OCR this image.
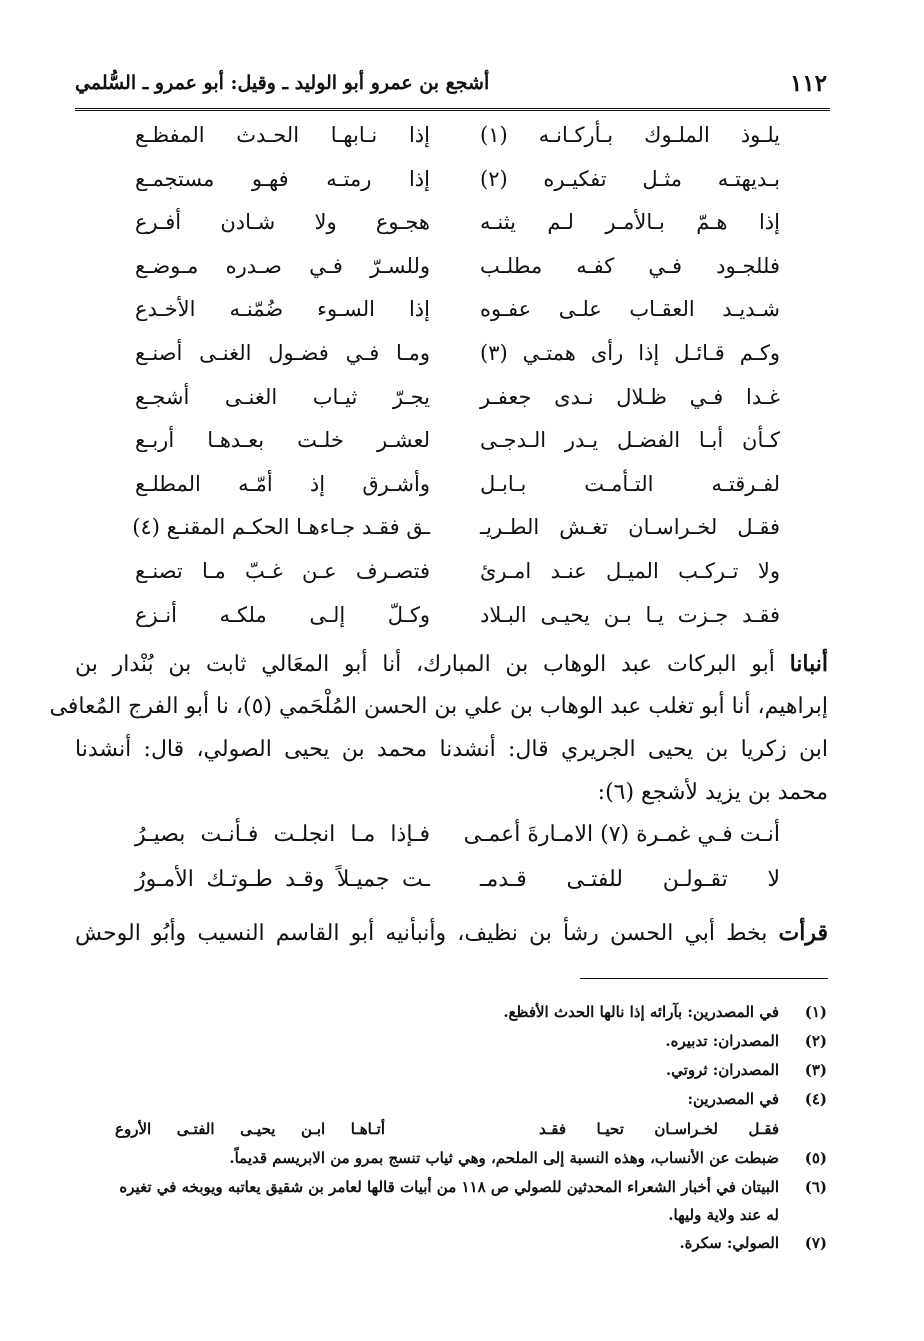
١١٢
أشجع بن عمرو أبو الوليد ـ وقيل: أبو عمرو ـ السُّلمي
يلـوذ الملـوك بـأركـانـه (١)
إذا نـابهـا الحـدث المفظـع
بـديهتـه مثـل تفكيـره (٢)
إذا رمتـه فهـو مستجمـع
إذا هـمّ بـالأمـر لـم يثنـه
هجـوع ولا شـادن أفـرع
فللجـود فـي كفـه مطلـب
وللسـرّ فـي صـدره مـوضـع
شـديـد العقـاب علـى عفـوه
إذا السـوء ضُمّنـه الأخـدع
وكـم قـائـل إذا رأى همتـي (٣)
ومـا فـي فضـول الغنـى أصنـع
غـدا فـي ظـلال نـدى جعفـر
يجـرّ ثيـاب الغنـى أشجـع
كـأن أبـا الفضـل يـدر الـدجـى
لعشـر خلـت بعـدهـا أربـع
لفـرقتـه التـأمـت بـابـل
وأشـرق إذ أمّـه المطلـع
فقـل لخـراسـان تغـش الطـريـ
ـق فقـد جـاءهـا الحكـم المقنـع (٤)
ولا تـركـب الميـل عنـد امـرئ
فتصـرف عـن غـبّ مـا تصنـع
فقـد جـزت يـا بـن يحيـى البـلاد
وكـلّ إلـى ملكـه أنـزع
أنبانا أبو البركات عبد الوهاب بن المبارك، أنا أبو المعَالي ثابت بن بُنْدار بن
إبراهيم، أنا أبو تغلب عبد الوهاب بن علي بن الحسن المُلْحَمي (٥)، نا أبو الفرج المُعافى
ابن زكريا بن يحيى الجريري قال: أنشدنا محمد بن يحيى الصولي، قال: أنشدنا
محمد بن يزيد لأشجع (٦):
أنـت فـي غمـرة (٧) الامـارةَ أعمـى
فـإذا مـا انجلـت فـأنـت بصيـرُ
لا تقـولـن للفتـى قـدمـ
ـت جميـلاً وقـد طـوتـك الأمـورُ
قرأت بخط أبي الحسن رشأ بن نظيف، وأنبأنيه أبو القاسم النسيب وأبُو الوحش
(١)
في المصدرين: بآرائه إذا نالها الحدث الأفظع.
(٢)
المصدران: تدبيره.
(٣)
المصدران: ثروتي.
(٤)
في المصدرين:
فقـل لخـراسـان تحيـا فقـد
أتـاهـا ابـن يحيـى الفتـى الأروع
(٥)
ضبطت عن الأنساب، وهذه النسبة إلى الملحم، وهي ثياب تنسج بمرو من الابريسم قديماً.
(٦)
البيتان في أخبار الشعراء المحدثين للصولي ص ١١٨ من أبيات قالها لعامر بن شقيق يعاتبه ويوبخه في تغيره
له عند ولاية وليها.
(٧)
الصولي: سكرة.
